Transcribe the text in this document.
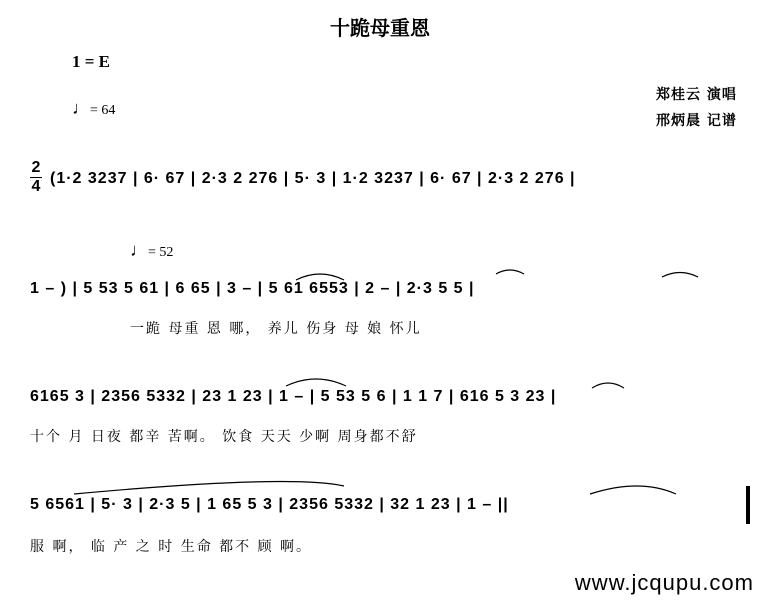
十跪母重恩
1 = E
♩= 64
郑桂云 演唱
邢炳晨 记谱
2
4 (1·2 3237 | 6· 67 | 2·3 2 276 | 5· 3 | 1·2 3237 | 6· 67 | 2·3 2 276 |
♩= 52
1 – ) | 5 53 5 61 | 6 65 | 3 – | 5 61 6553 | 2 – | 2·3 5 5 |
一跪 母重 恩 哪， 养儿 伤身 母 娘 怀儿
6165 3 | 2356 5332 | 23 1 23 | 1 – | 5 53 5 6 | 1 1 7 | 616 5 3 23 |
十个 月 日夜 都辛 苦啊。 饮食 天天 少啊 周身都不舒
5 6561 | 5· 3 | 2·3 5 | 1 65 5 3 | 2356 5332 | 32 1 23 | 1 – ||
服 啊， 临 产 之 时 生命 都不 顾 啊。
www.jcqupu.com
